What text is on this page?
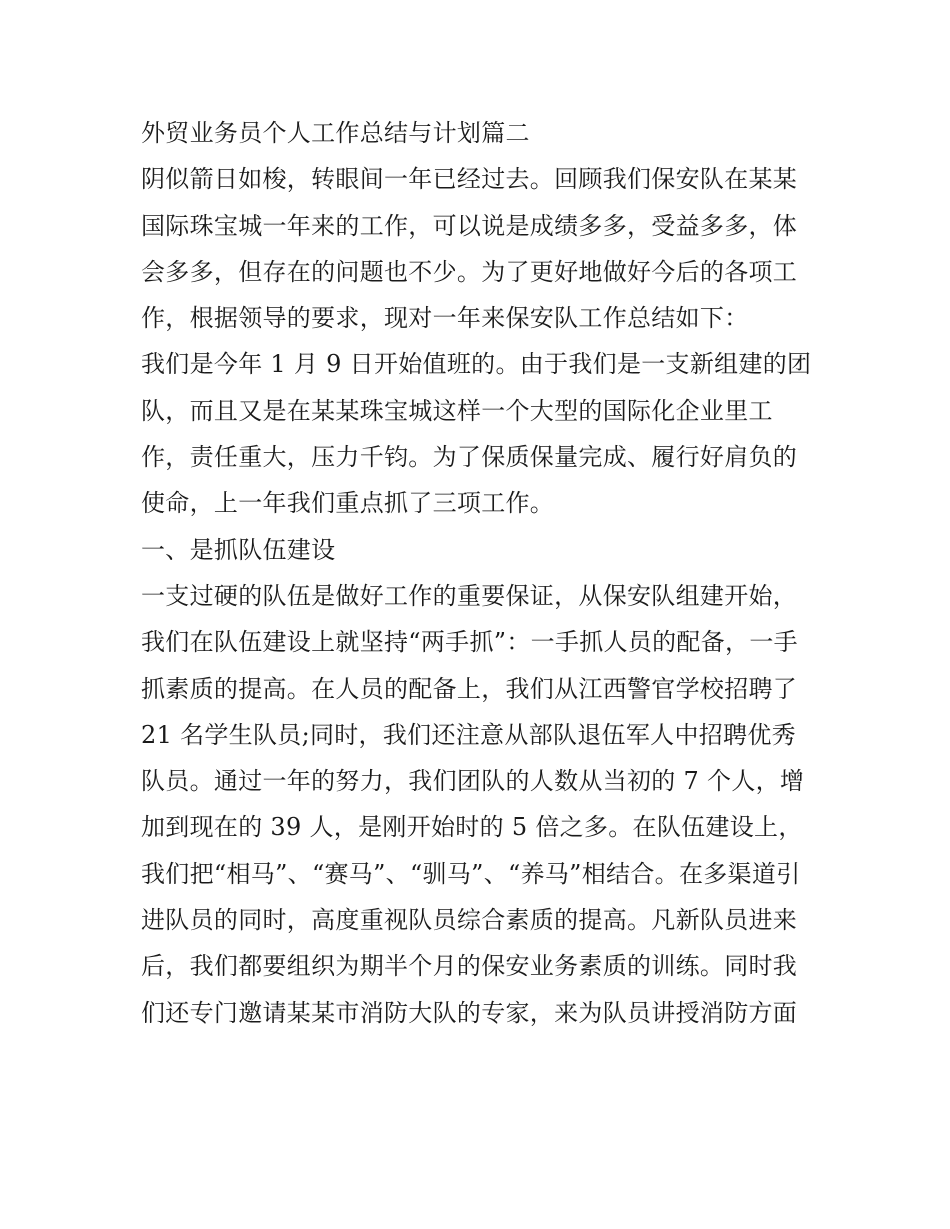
外贸业务员个人工作总结与计划篇二
阴似箭日如梭，转眼间一年已经过去。回顾我们保安队在某某
国际珠宝城一年来的工作，可以说是成绩多多，受益多多，体
会多多，但存在的问题也不少。为了更好地做好今后的各项工
作，根据领导的要求，现对一年来保安队工作总结如下：
我们是今年 1 月 9 日开始值班的。由于我们是一支新组建的团
队，而且又是在某某珠宝城这样一个大型的国际化企业里工
作，责任重大，压力千钧。为了保质保量完成、履行好肩负的
使命，上一年我们重点抓了三项工作。
一、是抓队伍建设
一支过硬的队伍是做好工作的重要保证，从保安队组建开始，
我们在队伍建设上就坚持“两手抓”：一手抓人员的配备，一手
抓素质的提高。在人员的配备上，我们从江西警官学校招聘了
21 名学生队员;同时，我们还注意从部队退伍军人中招聘优秀
队员。通过一年的努力，我们团队的人数从当初的 7 个人，增
加到现在的 39 人，是刚开始时的 5 倍之多。在队伍建设上，
我们把“相马”、“赛马”、“驯马”、“养马”相结合。在多渠道引
进队员的同时，高度重视队员综合素质的提高。凡新队员进来
后，我们都要组织为期半个月的保安业务素质的训练。同时我
们还专门邀请某某市消防大队的专家，来为队员讲授消防方面
